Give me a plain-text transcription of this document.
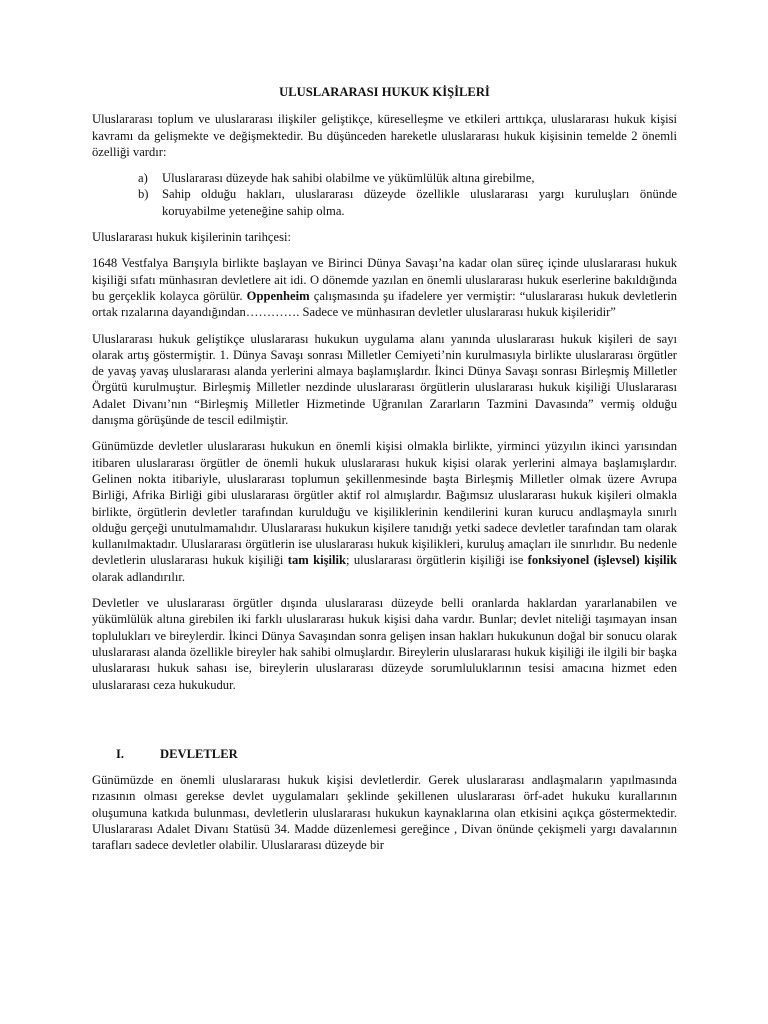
ULUSLARARASI HUKUK KİŞİLERİ

Uluslararası toplum ve uluslararası ilişkiler geliştikçe, küreselleşme ve etkileri arttıkça, uluslararası hukuk kişisi kavramı da gelişmekte ve değişmektedir. Bu düşünceden hareketle uluslararası hukuk kişisinin temelde 2 önemli özelliği vardır:

a)	Uluslararası düzeyde hak sahibi olabilme ve yükümlülük altına girebilme,
b)	Sahip olduğu hakları, uluslararası düzeyde özellikle uluslararası yargı kuruluşları önünde koruyabilme yeteneğine sahip olma.

Uluslararası hukuk kişilerinin tarihçesi:

1648 Vestfalya Barışıyla birlikte başlayan ve Birinci Dünya Savaşı’na kadar olan süreç içinde uluslararası hukuk kişiliği sıfatı münhasıran devletlere ait idi. O dönemde yazılan en önemli uluslararası hukuk eserlerine bakıldığında bu gerçeklik kolayca görülür. Oppenheim çalışmasında şu ifadelere yer vermiştir: “uluslararası hukuk devletlerin ortak rızalarına dayandığından…………. Sadece ve münhasıran devletler uluslararası hukuk kişileridir”

Uluslararası hukuk geliştikçe uluslararası hukukun uygulama alanı yanında uluslararası hukuk kişileri de sayı olarak artış göstermiştir. 1. Dünya Savaşı sonrası Milletler Cemiyeti’nin kurulmasıyla birlikte uluslararası örgütler de yavaş yavaş uluslararası alanda yerlerini almaya başlamışlardır. İkinci Dünya Savaşı sonrası Birleşmiş Milletler Örgütü kurulmuştur. Birleşmiş Milletler nezdinde uluslararası örgütlerin uluslararası hukuk kişiliği Uluslararası Adalet Divanı’nın “Birleşmiş Milletler Hizmetinde Uğranılan Zararların Tazmini Davasında” vermiş olduğu danışma görüşünde de tescil edilmiştir.

Günümüzde devletler uluslararası hukukun en önemli kişisi olmakla birlikte, yirminci yüzyılın ikinci yarısından itibaren uluslararası örgütler de önemli hukuk uluslararası hukuk kişisi olarak yerlerini almaya başlamışlardır. Gelinen nokta itibariyle, uluslararası toplumun şekillenmesinde başta Birleşmiş Milletler olmak üzere Avrupa Birliği, Afrika Birliği gibi uluslararası örgütler aktif rol almışlardır. Bağımsız uluslararası hukuk kişileri olmakla birlikte, örgütlerin devletler tarafından kurulduğu ve kişiliklerinin kendilerini kuran kurucu andlaşmayla sınırlı olduğu gerçeği unutulmamalıdır. Uluslararası hukukun kişilere tanıdığı yetki sadece devletler tarafından tam olarak kullanılmaktadır. Uluslararası örgütlerin ise uluslararası hukuk kişilikleri, kuruluş amaçları ile sınırlıdır. Bu nedenle devletlerin uluslararası hukuk kişiliği tam kişilik; uluslararası örgütlerin kişiliği ise fonksiyonel (işlevsel) kişilik olarak adlandırılır.

Devletler ve uluslararası örgütler dışında uluslararası düzeyde belli oranlarda haklardan yararlanabilen ve yükümlülük altına girebilen iki farklı uluslararası hukuk kişisi daha vardır. Bunlar; devlet niteliği taşımayan insan toplulukları ve bireylerdir. İkinci Dünya Savaşından sonra gelişen insan hakları hukukunun doğal bir sonucu olarak uluslararası alanda özellikle bireyler hak sahibi olmuşlardır. Bireylerin uluslararası hukuk kişiliği ile ilgili bir başka uluslararası hukuk sahası ise, bireylerin uluslararası düzeyde sorumluluklarının tesisi amacına hizmet eden uluslararası ceza hukukudur.

I.	DEVLETLER

Günümüzde en önemli uluslararası hukuk kişisi devletlerdir. Gerek uluslararası andlaşmaların yapılmasında rızasının olması gerekse devlet uygulamaları şeklinde şekillenen uluslararası örf-adet hukuku kurallarının oluşumuna katkıda bulunması, devletlerin uluslararası hukukun kaynaklarına olan etkisini açıkça göstermektedir. Uluslararası Adalet Divanı Statüsü 34. Madde düzenlemesi gereğince , Divan önünde çekişmeli yargı davalarının tarafları sadece devletler olabilir. Uluslararası düzeyde bir
